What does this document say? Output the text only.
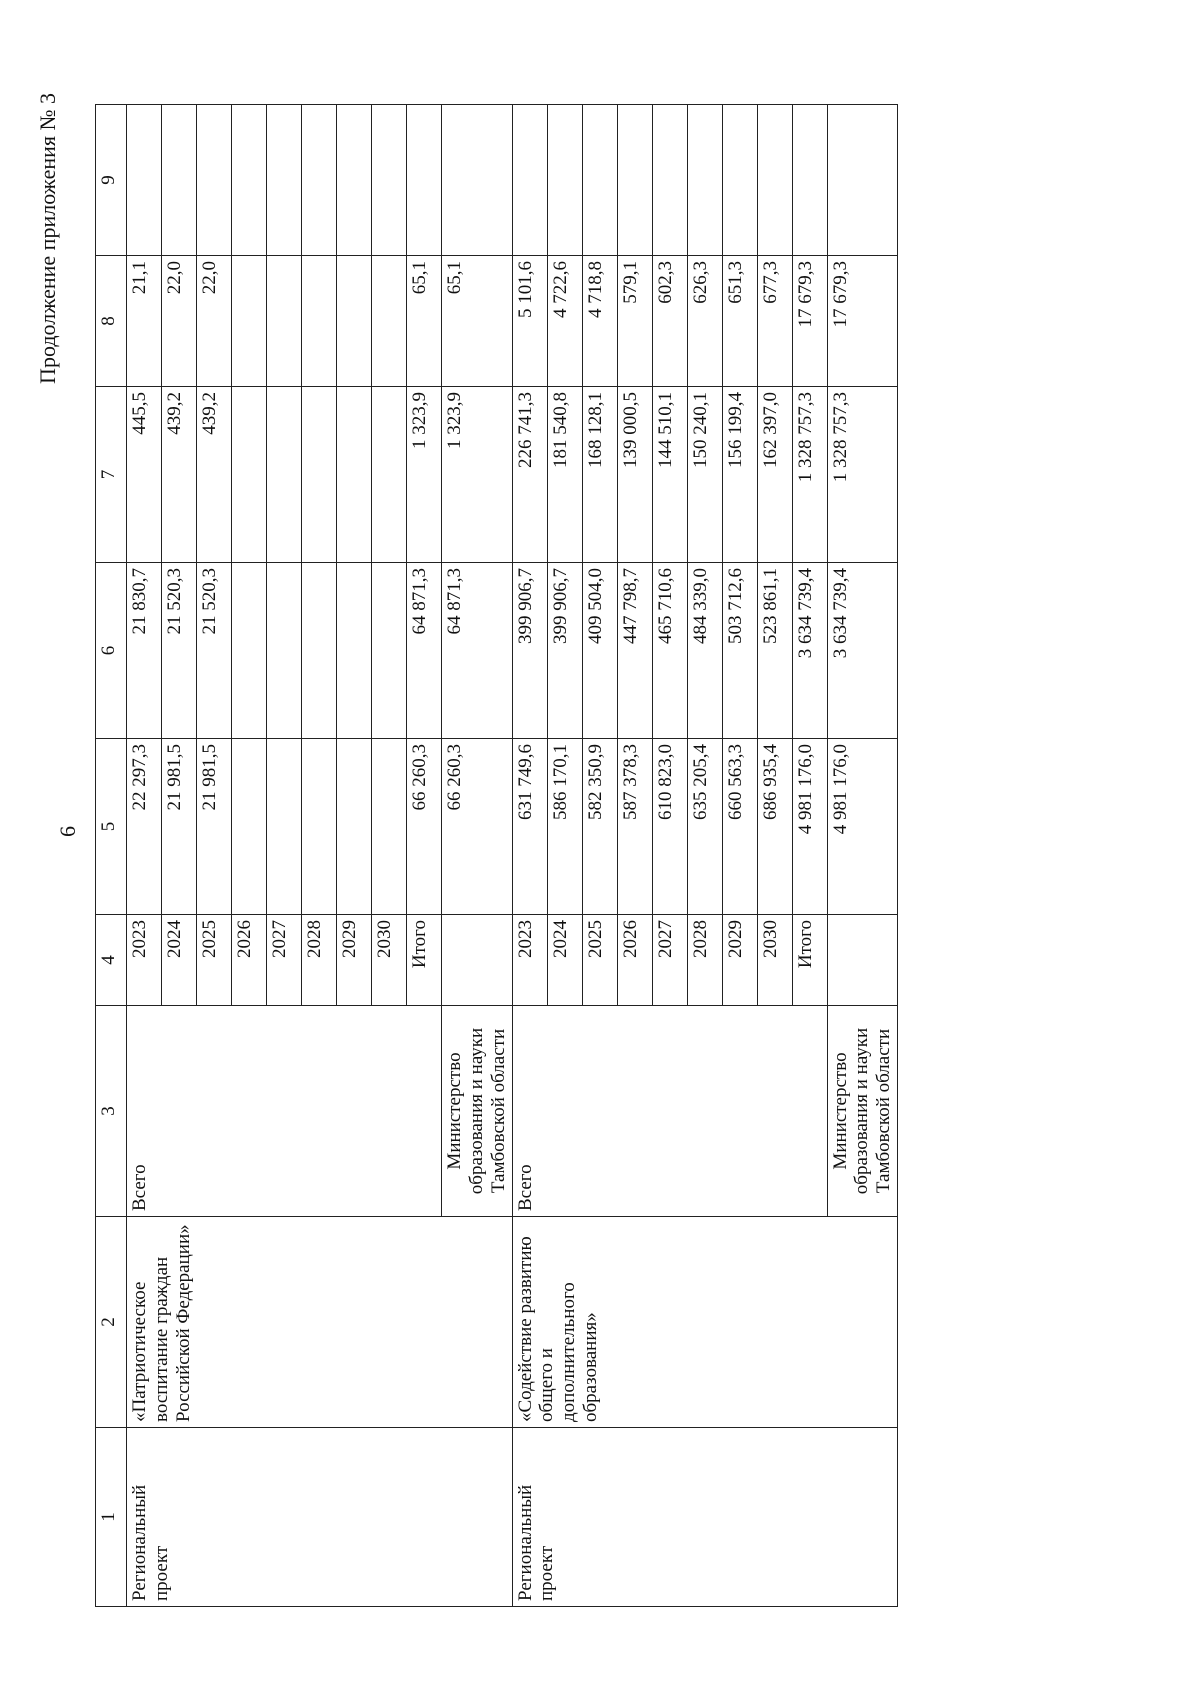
6
Продолжение приложения № 3
1	2	3	4	5	6	7	8	9
Региональный проект	«Патриотическое воспитание граждан Российской Федерации»	Всего	2023	22 297,3	21 830,7	445,5	21,1	
			2024	21 981,5	21 520,3	439,2	22,0	
			2025	21 981,5	21 520,3	439,2	22,0	
			2026					
			2027					
			2028					
			2029					
			2030					
			Итого	66 260,3	64 871,3	1 323,9	65,1	
		Министерство образования и науки Тамбовской области		66 260,3	64 871,3	1 323,9	65,1	
Региональный проект	«Содействие развитию общего и дополнительного образования»	Всего	2023	631 749,6	399 906,7	226 741,3	5 101,6	
			2024	586 170,1	399 906,7	181 540,8	4 722,6	
			2025	582 350,9	409 504,0	168 128,1	4 718,8	
			2026	587 378,3	447 798,7	139 000,5	579,1	
			2027	610 823,0	465 710,6	144 510,1	602,3	
			2028	635 205,4	484 339,0	150 240,1	626,3	
			2029	660 563,3	503 712,6	156 199,4	651,3	
			2030	686 935,4	523 861,1	162 397,0	677,3	
			Итого	4 981 176,0	3 634 739,4	1 328 757,3	17 679,3	
		Министерство образования и науки Тамбовской области		4 981 176,0	3 634 739,4	1 328 757,3	17 679,3	
